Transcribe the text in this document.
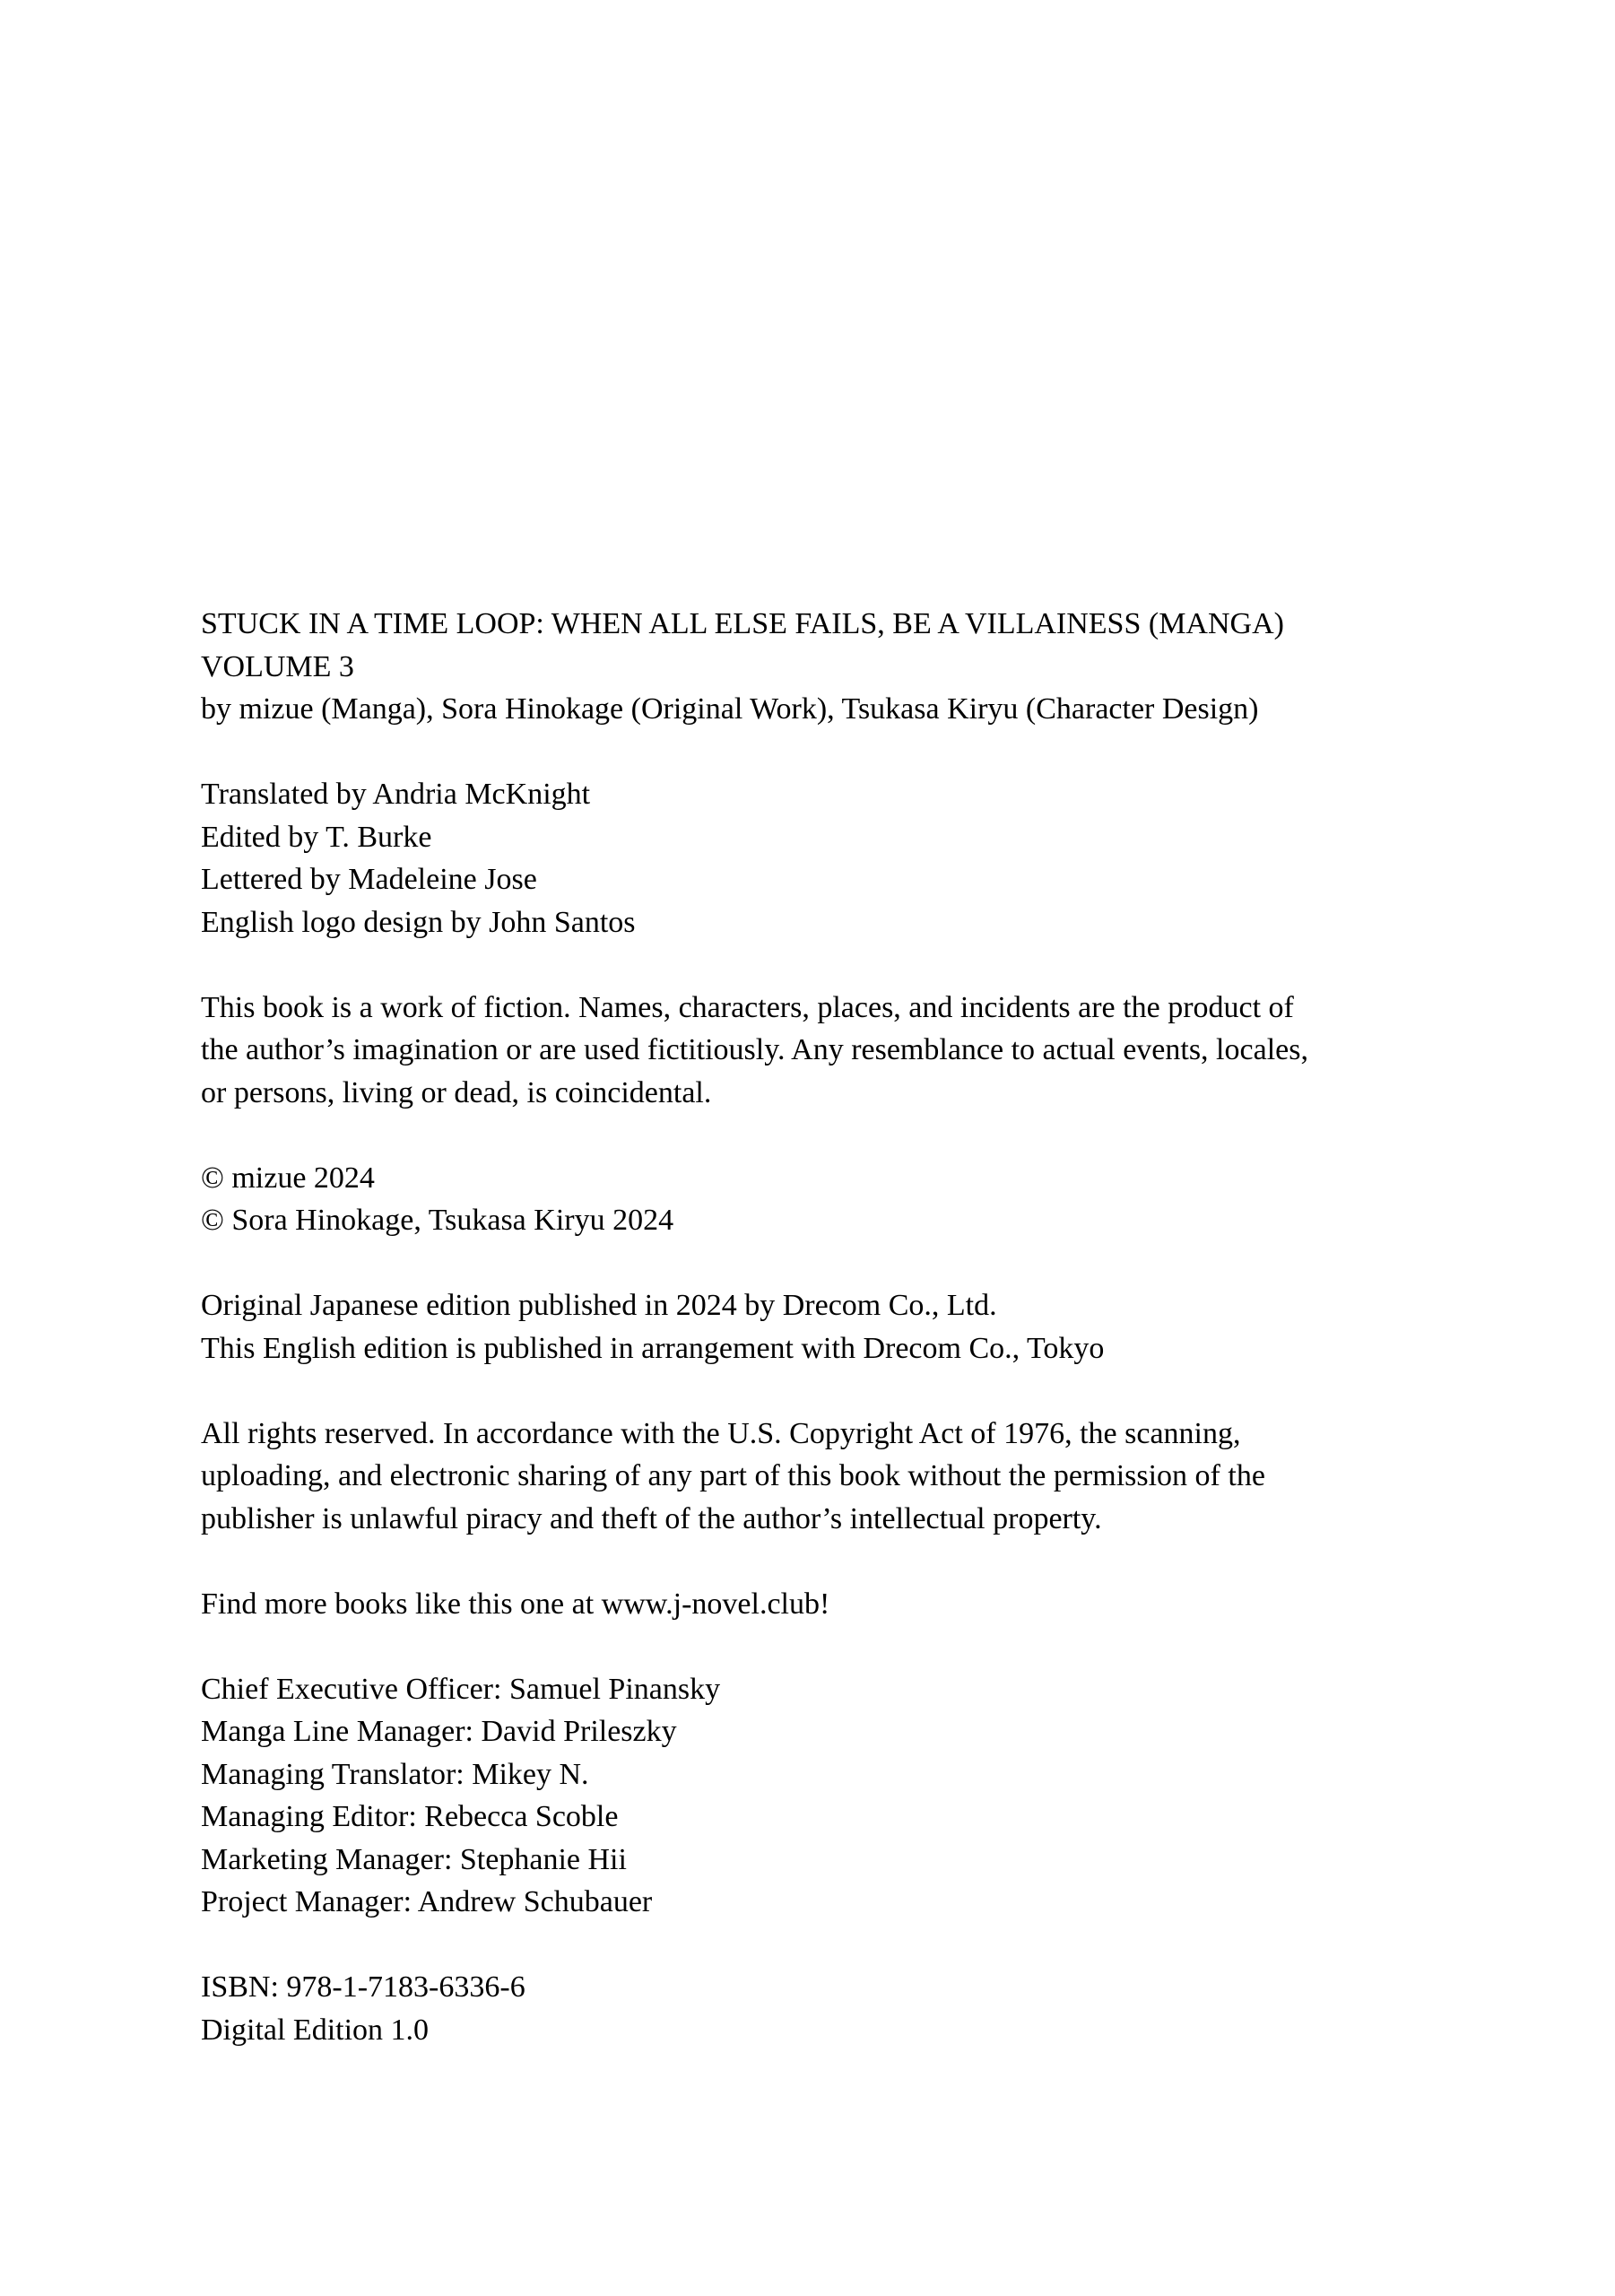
STUCK IN A TIME LOOP: WHEN ALL ELSE FAILS, BE A VILLAINESS (MANGA)
VOLUME 3
by mizue (Manga), Sora Hinokage (Original Work), Tsukasa Kiryu (Character Design)
Translated by Andria McKnight
Edited by T. Burke
Lettered by Madeleine Jose
English logo design by John Santos
This book is a work of fiction. Names, characters, places, and incidents are the product of
the author’s imagination or are used fictitiously. Any resemblance to actual events, locales,
or persons, living or dead, is coincidental.
© mizue 2024
© Sora Hinokage, Tsukasa Kiryu 2024
Original Japanese edition published in 2024 by Drecom Co., Ltd.
This English edition is published in arrangement with Drecom Co., Tokyo
All rights reserved. In accordance with the U.S. Copyright Act of 1976, the scanning,
uploading, and electronic sharing of any part of this book without the permission of the
publisher is unlawful piracy and theft of the author’s intellectual property.
Find more books like this one at www.j-novel.club!
Chief Executive Officer: Samuel Pinansky
Manga Line Manager: David Prileszky
Managing Translator: Mikey N.
Managing Editor: Rebecca Scoble
Marketing Manager: Stephanie Hii
Project Manager: Andrew Schubauer
ISBN: 978-1-7183-6336-6
Digital Edition 1.0
